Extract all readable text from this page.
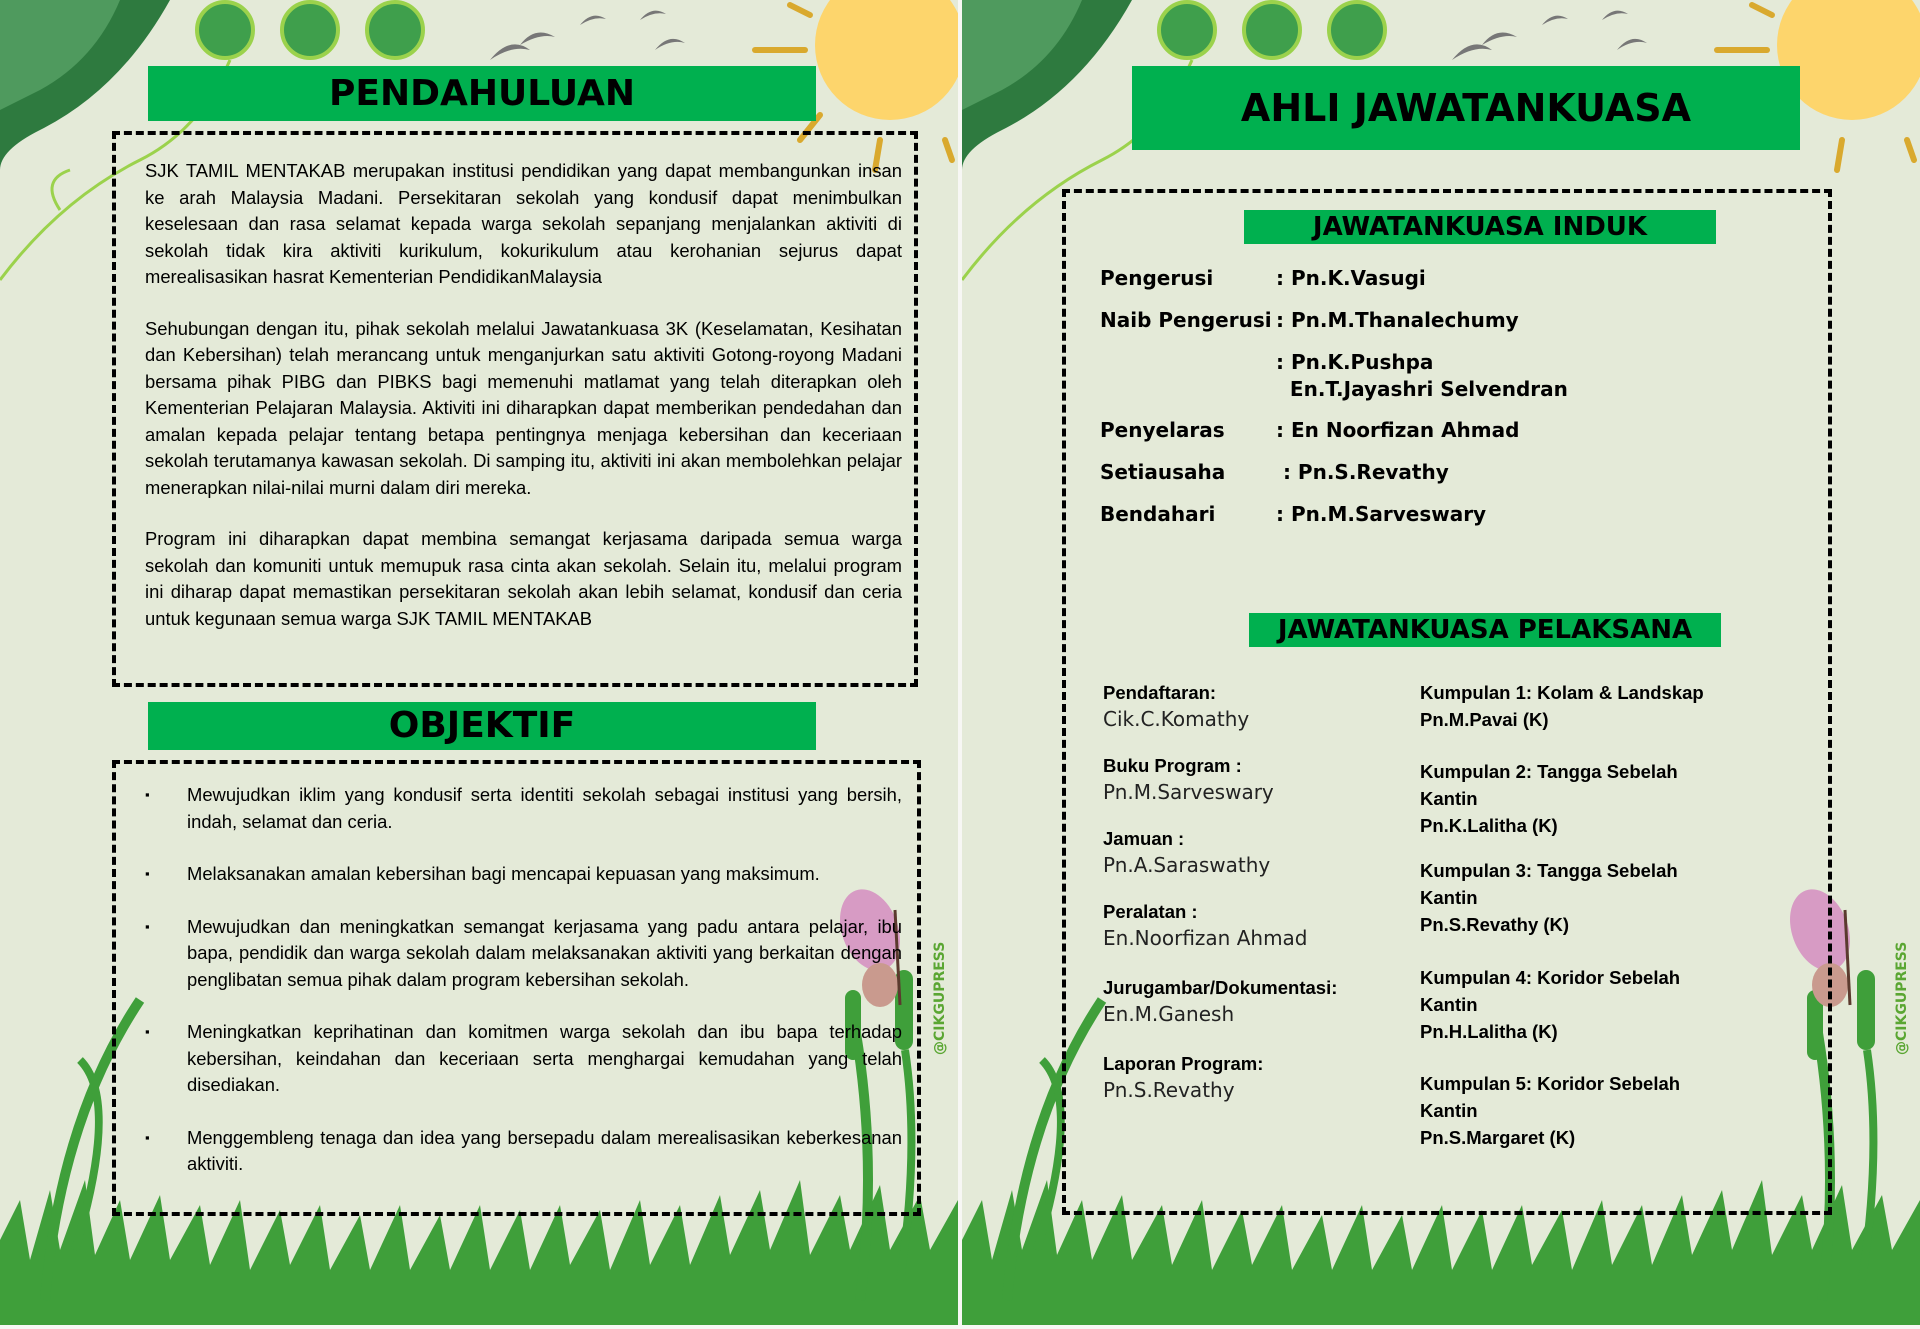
PENDAHULUAN

SJK TAMIL MENTAKAB merupakan institusi pendidikan yang dapat membangunkan insan ke arah Malaysia Madani. Persekitaran sekolah yang kondusif dapat menimbulkan keselesaan dan rasa selamat kepada warga sekolah sepanjang menjalankan aktiviti di sekolah tidak kira aktiviti kurikulum, kokurikulum atau kerohanian sejurus dapat merealisasikan hasrat Kementerian PendidikanMalaysia

Sehubungan dengan itu, pihak sekolah melalui Jawatankuasa 3K (Keselamatan, Kesihatan dan Kebersihan) telah merancang untuk menganjurkan satu aktiviti Gotong-royong Madani bersama pihak PIBG dan PIBKS bagi memenuhi matlamat yang telah diterapkan oleh Kementerian Pelajaran Malaysia. Aktiviti ini diharapkan dapat memberikan pendedahan dan amalan kepada pelajar tentang betapa pentingnya menjaga kebersihan dan keceriaan sekolah terutamanya kawasan sekolah. Di samping itu, aktiviti ini akan membolehkan pelajar menerapkan nilai-nilai murni dalam diri mereka.

Program ini diharapkan dapat membina semangat kerjasama daripada semua warga sekolah dan komuniti untuk memupuk rasa cinta akan sekolah. Selain itu, melalui program ini diharap dapat memastikan persekitaran sekolah akan lebih selamat, kondusif dan ceria untuk kegunaan semua warga SJK TAMIL MENTAKAB

OBJEKTIF
▪ Mewujudkan iklim yang kondusif serta identiti sekolah sebagai institusi yang bersih, indah, selamat dan ceria.
▪ Melaksanakan amalan kebersihan bagi mencapai kepuasan yang maksimum.
▪ Mewujudkan dan meningkatkan semangat kerjasama yang padu antara pelajar, ibu bapa, pendidik dan warga sekolah dalam melaksanakan aktiviti yang berkaitan dengan penglibatan semua pihak dalam program kebersihan sekolah.
▪ Meningkatkan keprihatinan dan komitmen warga sekolah dan ibu bapa terhadap kebersihan, keindahan dan keceriaan serta menghargai kemudahan yang telah disediakan.
▪ Menggembleng tenaga dan idea yang bersepadu dalam merealisasikan keberkesanan aktiviti.
@CIKGUPRESS
AHLI JAWATANKUASA
JAWATANKUASA INDUK
Pengerusi	: Pn.K.Vasugi
Naib Pengerusi : Pn.M.Thanalechumy
: Pn.K.Pushpa
En.T.Jayashri Selvendran
Penyelaras	: En Noorfizan Ahmad
Setiausaha	: Pn.S.Revathy
Bendahari	: Pn.M.Sarveswary
JAWATANKUASA PELAKSANA
Pendaftaran:
Cik.C.Komathy
Buku Program :
Pn.M.Sarveswary
Jamuan :
Pn.A.Saraswathy
Peralatan :
En.Noorfizan Ahmad
Jurugambar/Dokumentasi:
En.M.Ganesh
Laporan Program:
Pn.S.Revathy
Kumpulan 1: Kolam & Landskap
Pn.M.Pavai (K)
Kumpulan 2: Tangga Sebelah Kantin
Pn.K.Lalitha (K)
Kumpulan 3: Tangga Sebelah Kantin
Pn.S.Revathy (K)
Kumpulan 4: Koridor Sebelah Kantin
Pn.H.Lalitha (K)
Kumpulan 5: Koridor Sebelah Kantin
Pn.S.Margaret (K)
@CIKGUPRESS
